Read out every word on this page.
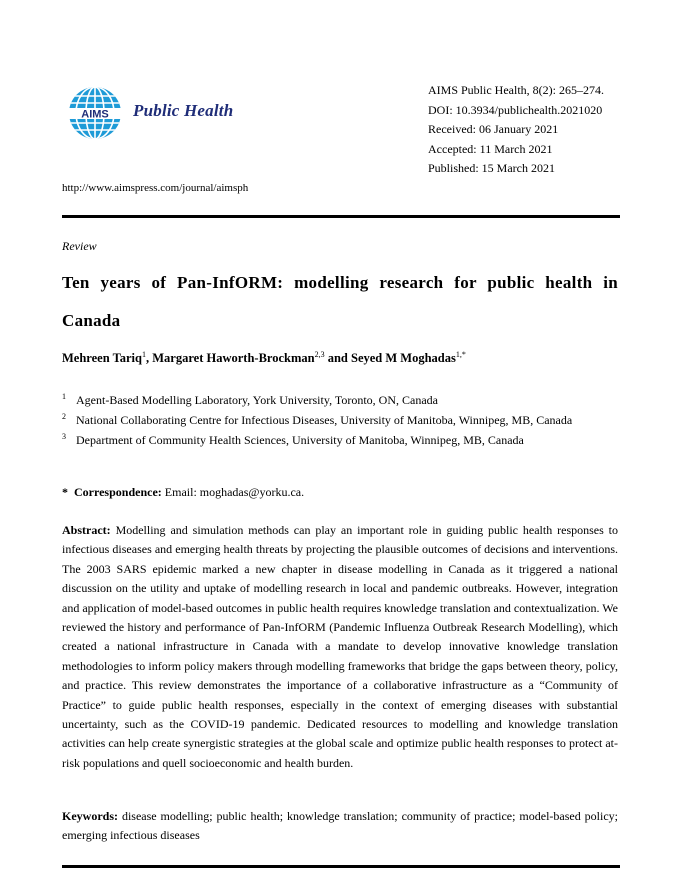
AIMS Public Health
http://www.aimspress.com/journal/aimsph
AIMS Public Health, 8(2): 265–274.
DOI: 10.3934/publichealth.2021020
Received: 06 January 2021
Accepted: 11 March 2021
Published: 15 March 2021
Review
Ten years of Pan-InfORM: modelling research for public health in Canada
Mehreen Tariq$^1$, Margaret Haworth-Brockman$^{2,3}$ and Seyed M Moghadas$^{1,*}$
1 Agent-Based Modelling Laboratory, York University, Toronto, ON, Canada
2 National Collaborating Centre for Infectious Diseases, University of Manitoba, Winnipeg, MB, Canada
3 Department of Community Health Sciences, University of Manitoba, Winnipeg, MB, Canada
* Correspondence: Email: moghadas@yorku.ca.
Abstract: Modelling and simulation methods can play an important role in guiding public health responses to infectious diseases and emerging health threats by projecting the plausible outcomes of decisions and interventions. The 2003 SARS epidemic marked a new chapter in disease modelling in Canada as it triggered a national discussion on the utility and uptake of modelling research in local and pandemic outbreaks. However, integration and application of model-based outcomes in public health requires knowledge translation and contextualization. We reviewed the history and performance of Pan-InfORM (Pandemic Influenza Outbreak Research Modelling), which created a national infrastructure in Canada with a mandate to develop innovative knowledge translation methodologies to inform policy makers through modelling frameworks that bridge the gaps between theory, policy, and practice. This review demonstrates the importance of a collaborative infrastructure as a “Community of Practice” to guide public health responses, especially in the context of emerging diseases with substantial uncertainty, such as the COVID-19 pandemic. Dedicated resources to modelling and knowledge translation activities can help create synergistic strategies at the global scale and optimize public health responses to protect at-risk populations and quell socioeconomic and health burden.
Keywords: disease modelling; public health; knowledge translation; community of practice; model-based policy; emerging infectious diseases
